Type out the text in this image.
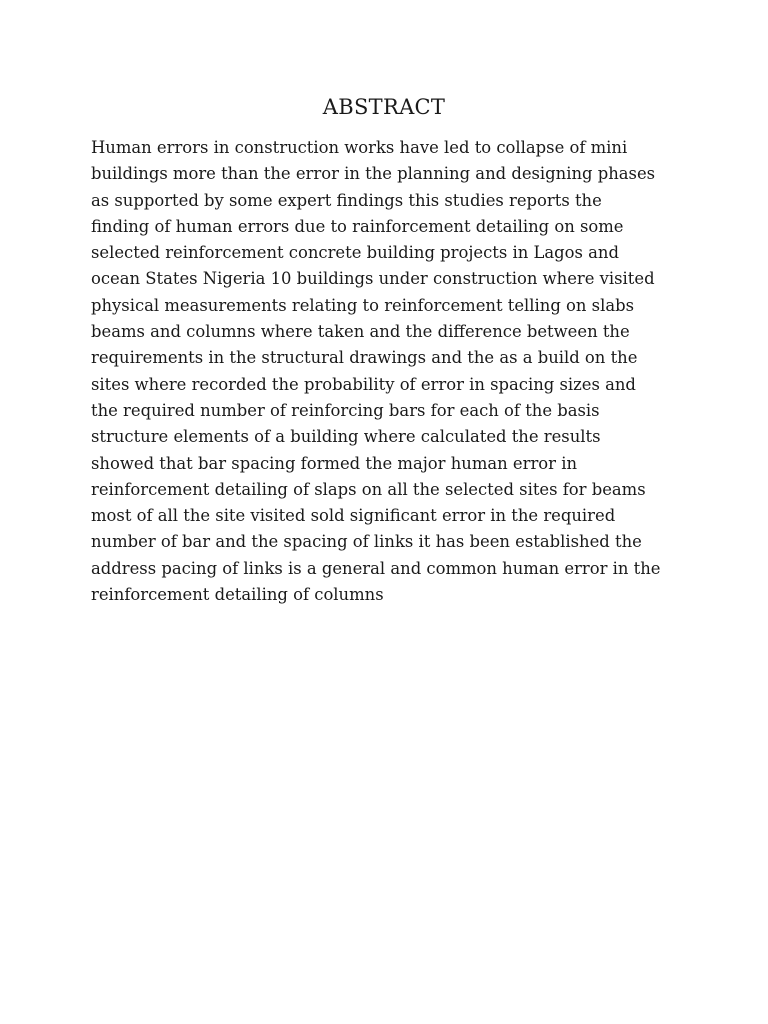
ABSTRACT
Human errors in construction works have led to collapse of mini
buildings more than the error in the planning and designing phases
as supported by some expert findings this studies reports the
finding of human errors due to rainforcement detailing on some
selected reinforcement concrete building projects in Lagos and
ocean States Nigeria 10 buildings under construction where visited
physical measurements relating to reinforcement telling on slabs
beams and columns where taken and the difference between the
requirements in the structural drawings and the as a build on the
sites where recorded the probability of error in spacing sizes and
the required number of reinforcing bars for each of the basis
structure elements of a building where calculated the results
showed that bar spacing formed the major human error in
reinforcement detailing of slaps on all the selected sites for beams
most of all the site visited sold significant error in the required
number of bar and the spacing of links it has been established the
address pacing of links is a general and common human error in the
reinforcement detailing of columns
